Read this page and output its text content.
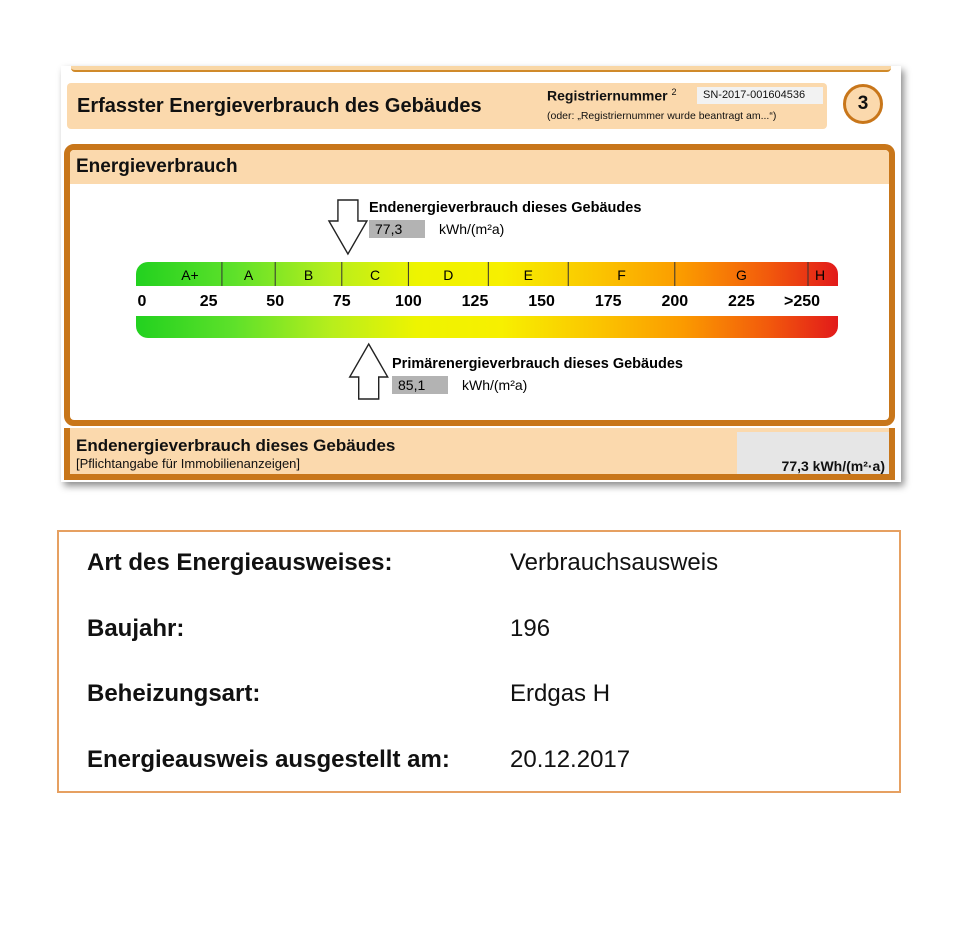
Erfasster Energieverbrauch des Gebäudes	Registriernummer $^2$	SN-2017-001604536
(oder: „Registriernummer wurde beantragt am...“)
3
Energieverbrauch
A+	A	B	C	D	E	F	G	H
0	25	50	75	100 125 150 175 200 225 >250
Endenergieverbrauch dieses Gebäudes
77,3	kWh/(m²a)
Primärenergieverbrauch dieses Gebäudes
85,1	kWh/(m²a)
Endenergieverbrauch dieses Gebäudes
[Pflichtangabe für Immobilienanzeigen]	77,3 kWh/(m²·a)
Art des Energieausweises:	Verbrauchsausweis
Baujahr:	196
Beheizungsart:	Erdgas H
Energieausweis ausgestellt am:	20.12.2017
